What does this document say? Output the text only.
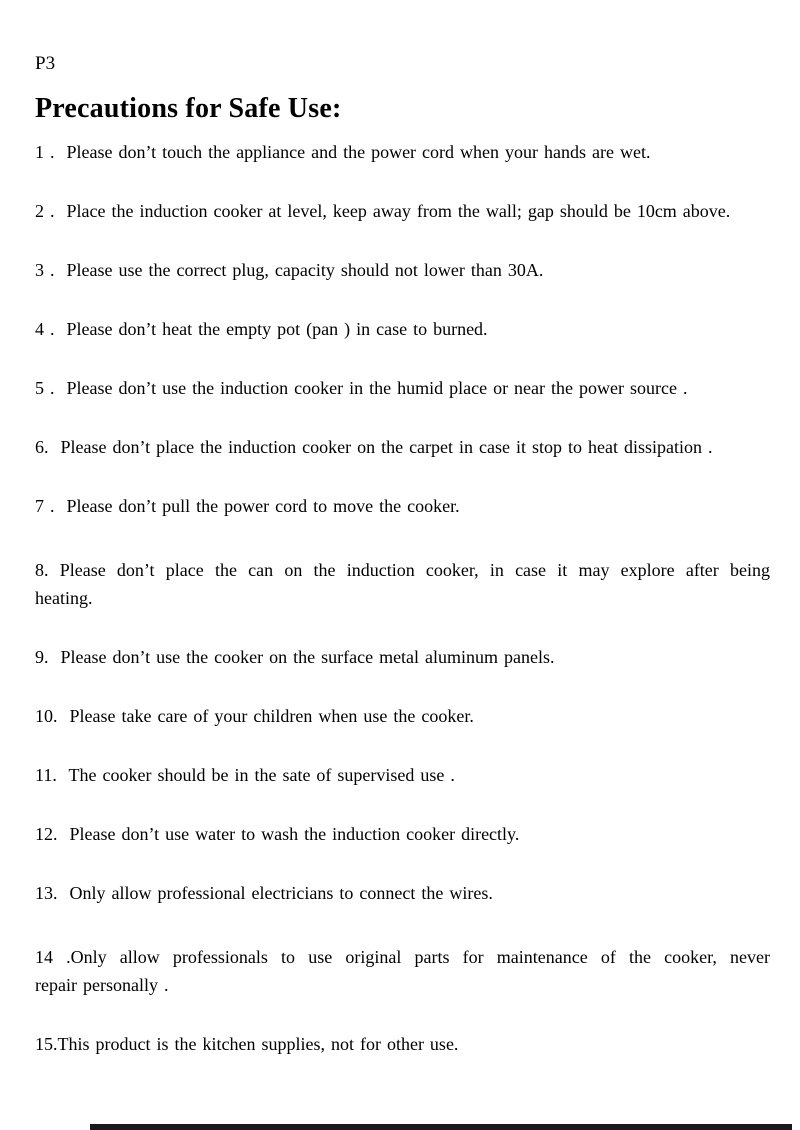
P3
Precautions for Safe Use:
1 .  Please don’t touch the appliance and the power cord when your hands are wet.
2 .  Place the induction cooker at level, keep away from the wall; gap should be 10cm above.
3 .  Please use the correct plug, capacity should not lower than 30A.
4 .  Please don’t heat the empty pot (pan ) in case to burned.
5 .  Please don’t use the induction cooker in the humid place or near the power source .
6.  Please don’t place the induction cooker on the carpet in case it stop to heat dissipation .
7 .  Please don’t pull the power cord to move the cooker.
8. Please don’t place the can on the induction cooker, in case it may explore after being
heating.
9.  Please don’t use the cooker on the surface metal aluminum panels.
10.  Please take care of your children when use the cooker.
11.  The cooker should be in the sate of supervised use .
12.  Please don’t use water to wash the induction cooker directly.
13.  Only allow professional electricians to connect the wires.
14 .Only allow professionals to use original parts for maintenance of the cooker, never
repair personally .
15.This product is the kitchen supplies, not for other use.
